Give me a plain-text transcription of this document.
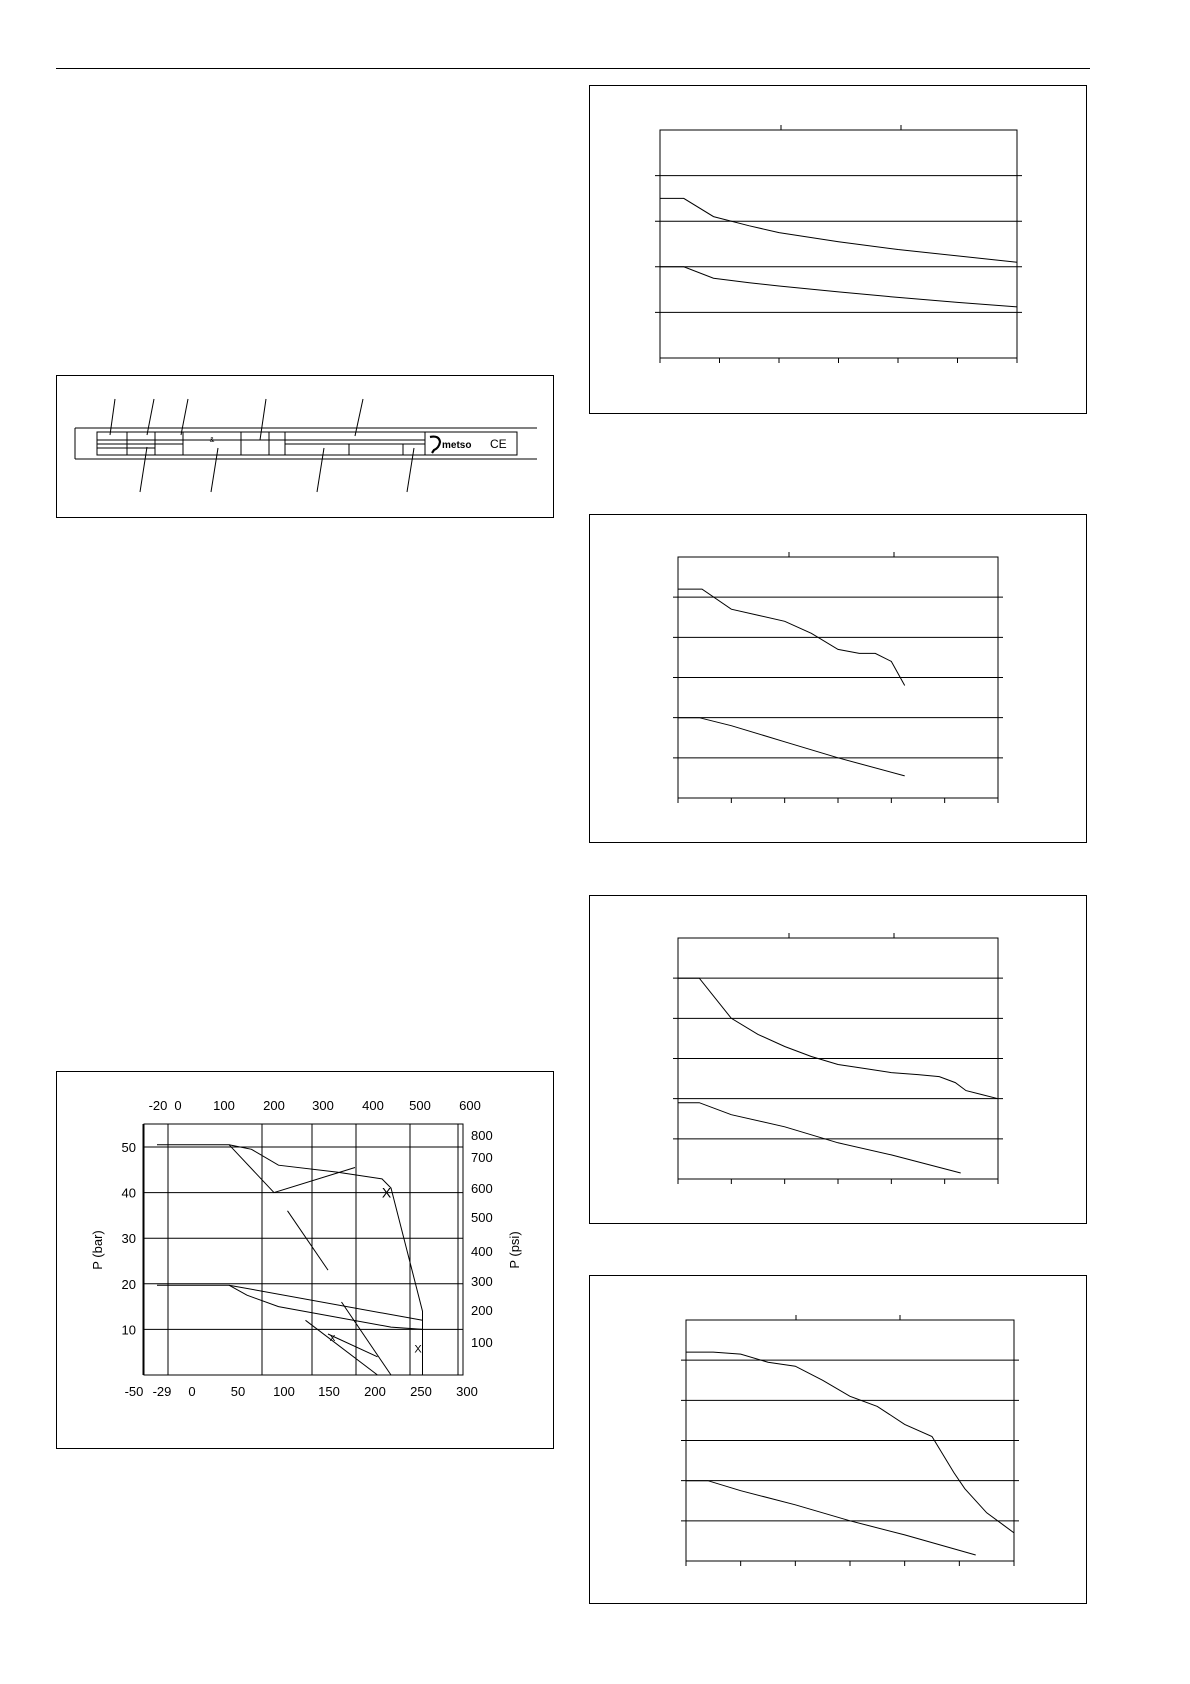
&	metso CE
10
20
30
40
50
100
200
300
400
500
600
700
800
-50 -29 0	50 100 150 200 250 300
-20 0 100 200 300 400 500 600
P (bar)	P (psi)
X
X
x
